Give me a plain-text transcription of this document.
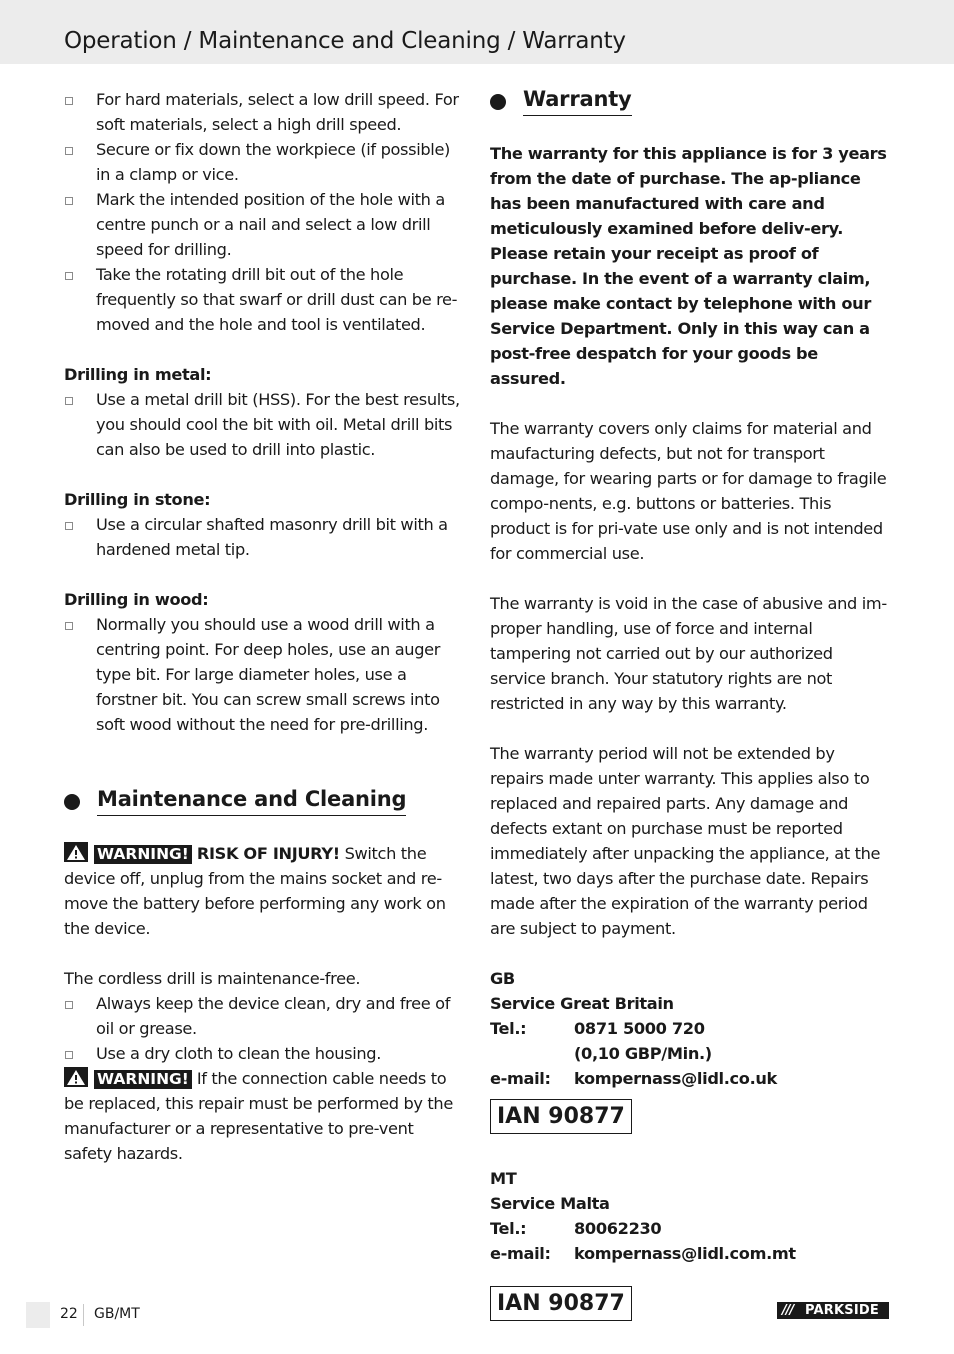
Operation / Maintenance and Cleaning / Warranty
For hard materials, select a low drill speed. For soft materials, select a high drill speed.
Secure or fix down the workpiece (if possible) in a clamp or vice.
Mark the intended position of the hole with a centre punch or a nail and select a low drill speed for drilling.
Take the rotating drill bit out of the hole frequently so that swarf or drill dust can be re-moved and the hole and tool is ventilated.
Drilling in metal:
Use a metal drill bit (HSS). For the best results, you should cool the bit with oil. Metal drill bits can also be used to drill into plastic.
Drilling in stone:
Use a circular shafted masonry drill bit with a hardened metal tip.
Drilling in wood:
Normally you should use a wood drill with a centring point. For deep holes, use an auger type bit. For large diameter holes, use a forstner bit. You can screw small screws into soft wood without the need for pre-drilling.
Maintenance and Cleaning
WARNING! RISK OF INJURY! Switch the device off, unplug from the mains socket and re-move the battery before performing any work on the device.
The cordless drill is maintenance-free.
Always keep the device clean, dry and free of oil or grease.
Use a dry cloth to clean the housing.
WARNING! If the connection cable needs to be replaced, this repair must be performed by the manufacturer or a representative to pre-vent safety hazards.
Warranty
The warranty for this appliance is for 3 years from the date of purchase. The ap-pliance has been manufactured with care and meticulously examined before deliv-ery. Please retain your receipt as proof of purchase. In the event of a warranty claim, please make contact by telephone with our Service Department. Only in this way can a post-free despatch for your goods be assured.
The warranty covers only claims for material and maufacturing defects, but not for transport damage, for wearing parts or for damage to fragile compo-nents, e.g. buttons or batteries. This product is for pri-vate use only and is not intended for commercial use.
The warranty is void in the case of abusive and im-proper handling, use of force and internal tampering not carried out by our authorized service branch. Your statutory rights are not restricted in any way by this warranty.
The warranty period will not be extended by repairs made unter warranty. This applies also to replaced and repaired parts. Any damage and defects extant on purchase must be reported immediately after unpacking the appliance, at the latest, two days after the purchase date. Repairs made after the expiration of the warranty period are subject to payment.
GB
Service Great Britain
Tel.:	0871 5000 720
(0,10 GBP/Min.)
e-mail:	kompernass@lidl.co.uk
IAN 90877
MT
Service Malta
Tel.:	80062230
e-mail:	kompernass@lidl.com.mt
IAN 90877
22 GB/MT	/// PARKSIDE
